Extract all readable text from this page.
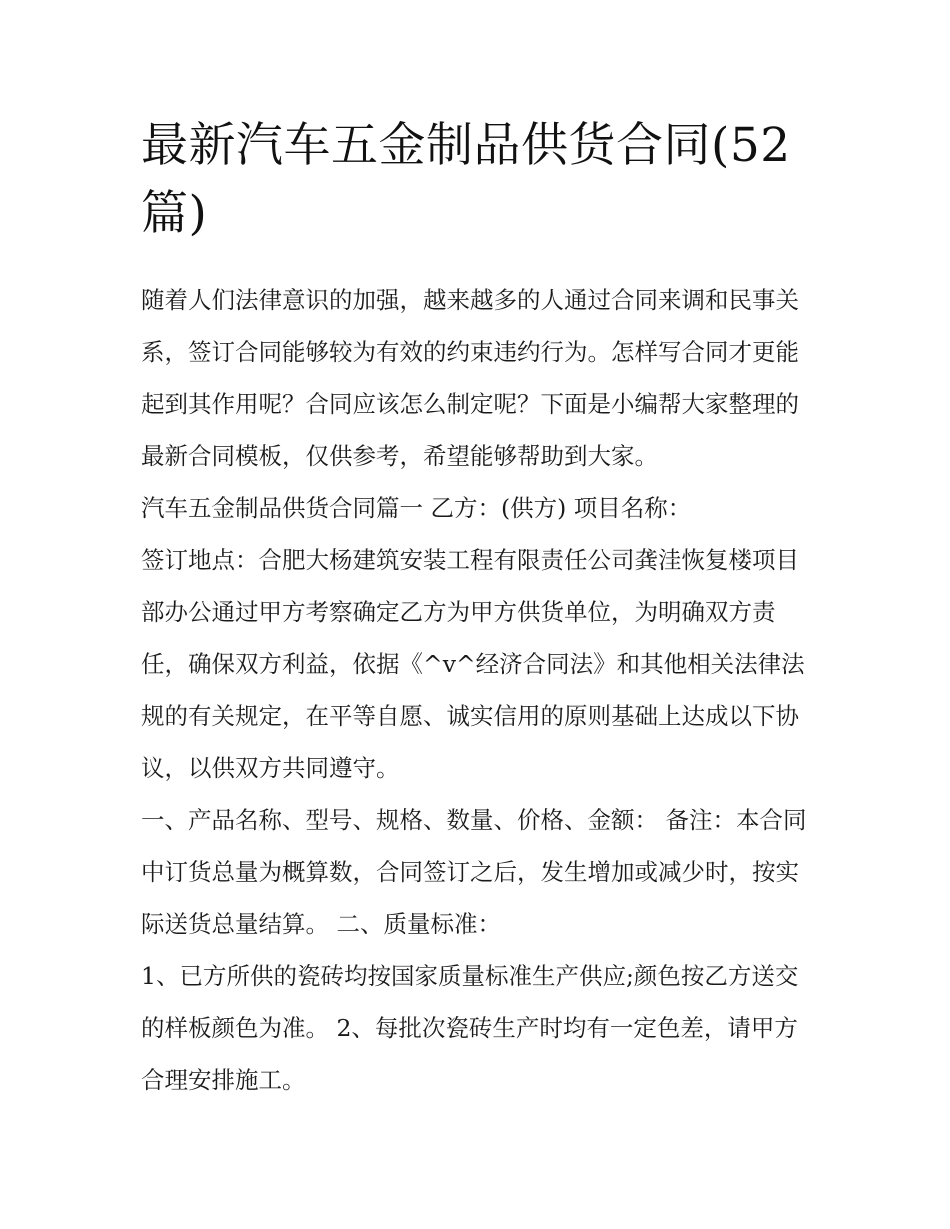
最新汽车五金制品供货合同(52篇)

随着人们法律意识的加强，越来越多的人通过合同来调和民事关系，签订合同能够较为有效的约束违约行为。怎样写合同才更能起到其作用呢？合同应该怎么制定呢？下面是小编帮大家整理的最新合同模板，仅供参考，希望能够帮助到大家。

汽车五金制品供货合同篇一 乙方：(供方) 项目名称：

签订地点：合肥大杨建筑安装工程有限责任公司龚洼恢复楼项目部办公通过甲方考察确定乙方为甲方供货单位，为明确双方责任，确保双方利益，依据《^v^经济合同法》和其他相关法律法规的有关规定，在平等自愿、诚实信用的原则基础上达成以下协议，以供双方共同遵守。

一、产品名称、型号、规格、数量、价格、金额： 备注：本合同中订货总量为概算数，合同签订之后，发生增加或减少时，按实际送货总量结算。 二、质量标准：

1、已方所供的瓷砖均按国家质量标准生产供应;颜色按乙方送交的样板颜色为准。 2、每批次瓷砖生产时均有一定色差，请甲方合理安排施工。
